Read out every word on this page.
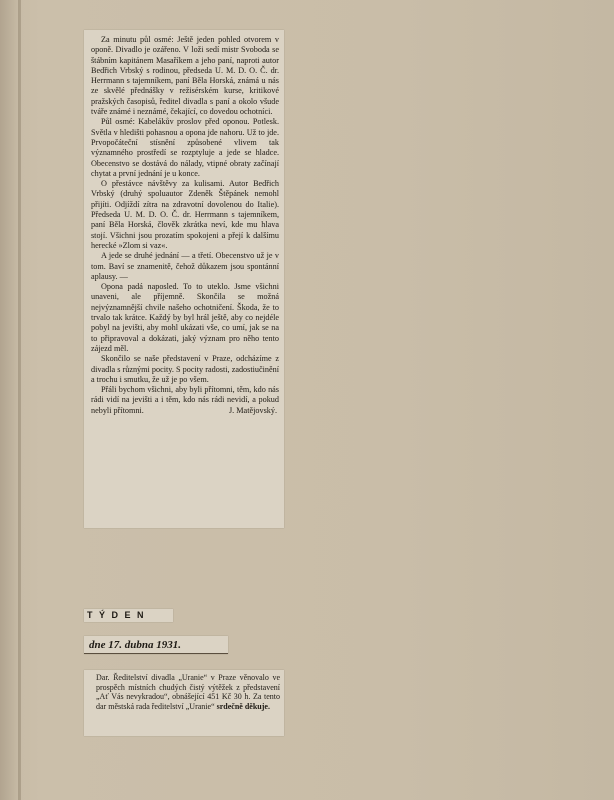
Za minutu půl osmé: Ještě jeden pohled otvorem v oponě. Divadlo je ozářeno. V loži sedí mistr Svoboda se štábním kapitánem Masaříkem a jeho paní, naproti autor Bedřich Vrbský s rodinou, předseda U. M. D. O. Č. dr. Herrmann s tajemníkem, paní Běla Horská, známá u nás ze skvělé přednášky v režisérském kurse, kritikové pražských časopisů, ředitel divadla s paní a okolo všude tváře známé i neznámé, čekající, co dovedou ochotníci.

Půl osmé: Kabelákův proslov před oponou. Potlesk. Světla v hledišti pohasnou a opona jde nahoru. Už to jde. Prvopočáteční stísnění způsobené vlivem tak významného prostředí se rozptyluje a jede se hladce. Obecenstvo se dostává do nálady, vtipné obraty začínají chytat a první jednání je u konce.

O přestávce návštěvy za kulisami. Autor Bedřich Vrbský (druhý spoluautor Zdeněk Štěpánek nemohl přijíti. Odjíždí zítra na zdravotní dovolenou do Italie). Předseda U. M. D. O. Č. dr. Herrmann s tajemníkem, paní Běla Horská, člověk zkrátka neví, kde mu hlava stojí. Všichni jsou prozatím spokojeni a přejí k dalšímu herecké »Zlom si vaz«.

A jede se druhé jednání — a třetí. Obecenstvo už je v tom. Baví se znamenitě, čehož důkazem jsou spontánní aplausy. —

Opona padá naposled. To to uteklo. Jsme všichni unaveni, ale příjemně. Skončila se možná nejvýznamnější chvile našeho ochotničení. Škoda, že to trvalo tak krátce. Každý by byl hrál ještě, aby co nejdéle pobyl na jevišti, aby mohl ukázati vše, co umí, jak se na to připravoval a dokázati, jaký význam pro něho tento zájezd měl.

Skončilo se naše představení v Praze, odcházíme z divadla s různými pocity. S pocity radosti, zadostiučinění a trochu i smutku, že už je po všem.

Přáli bychom všichni, aby byli přítomni, těm, kdo nás rádi vidí na jevišti a i těm, kdo nás rádi nevidí, a pokud nebyli přítomni.	J. Matějovský.

TÝDEN
dne 17. dubna 1931.
Dar. Ředitelství divadla „Uranie“ v Praze věnovalo ve prospěch místních chudých čistý výtěžek z představení „Ať Vás nevykradou“, obnášející 451 Kč 30 h. Za tento dar městská rada ředitelství „Uranie“ srdečně děkuje.
